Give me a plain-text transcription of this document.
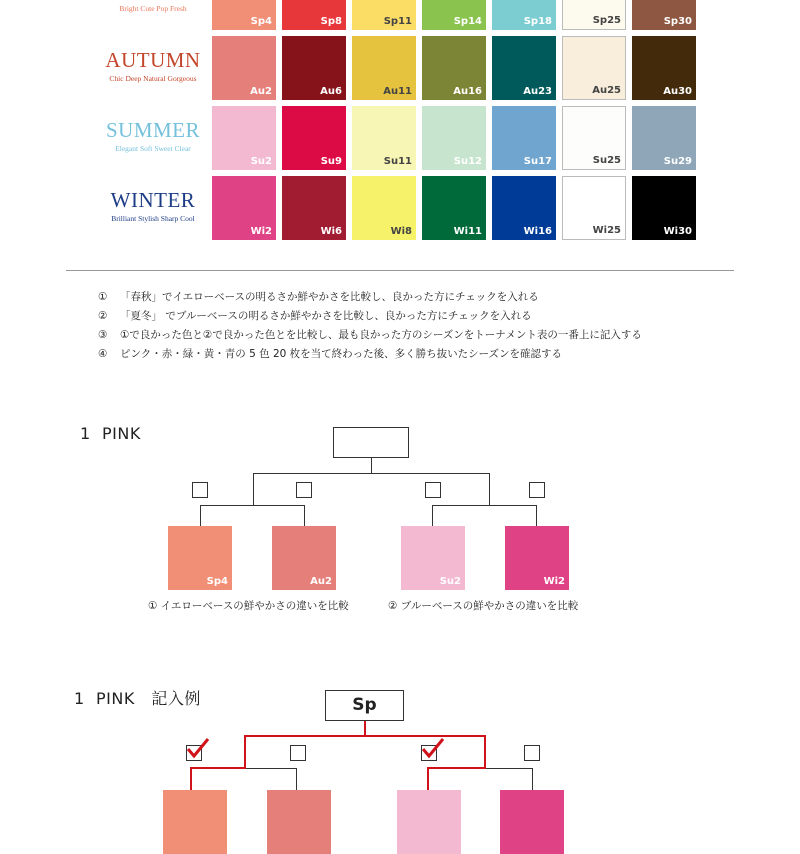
Bright Cute Pop Fresh
Sp4	Sp8	Sp11	Sp14	Sp18	Sp25	Sp30
AUTUMN
Chic Deep Natural Gorgeous
Au2	Au6	Au11	Au16	Au23	Au25	Au30
SUMMER
Elegant Soft Sweet Clear
Su2	Su9	Su11	Su12	Su17	Su25	Su29
WINTER
Brilliant Stylish Sharp Cool
Wi2	Wi6	Wi8	Wi11	Wi16	Wi25	Wi30
① 「春秋」でイエローベースの明るさか鮮やかさを比較し、良かった方にチェックを入れる
② 「夏冬」 でブルーベースの明るさか鮮やかさを比較し、良かった方にチェックを入れる
③ ①で良かった色と②で良かった色とを比較し、最も良かった方のシーズンをトーナメント表の一番上に記入する
④ ピンク・赤・緑・黄・青の 5 色 20 枚を当て終わった後、多く勝ち抜いたシーズンを確認する
1 PINK
Sp4	Au2	Su2	Wi2
① イエローベースの鮮やかさの違いを比較	② ブルーベースの鮮やかさの違いを比較
1 PINK　記入例	Sp
